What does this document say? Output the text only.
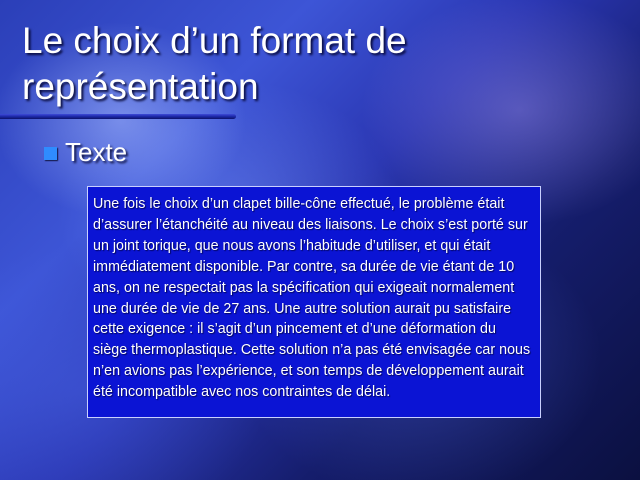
Le choix d’un format de
représentation
Texte
Une fois le choix d’un clapet bille-cône effectué, le problème était d’assurer l’étanchéité au niveau des liaisons. Le choix s’est porté sur un joint torique, que nous avons l’habitude d’utiliser, et qui était immédiatement disponible. Par contre, sa durée de vie étant de 10 ans, on ne respectait pas la spécification qui exigeait normalement une durée de vie de 27 ans. Une autre solution aurait pu satisfaire cette exigence : il s’agit d’un pincement et d’une déformation du siège thermoplastique. Cette solution n’a pas été envisagée car nous n’en avions pas l’expérience, et son temps de développement aurait été incompatible avec nos contraintes de délai.
